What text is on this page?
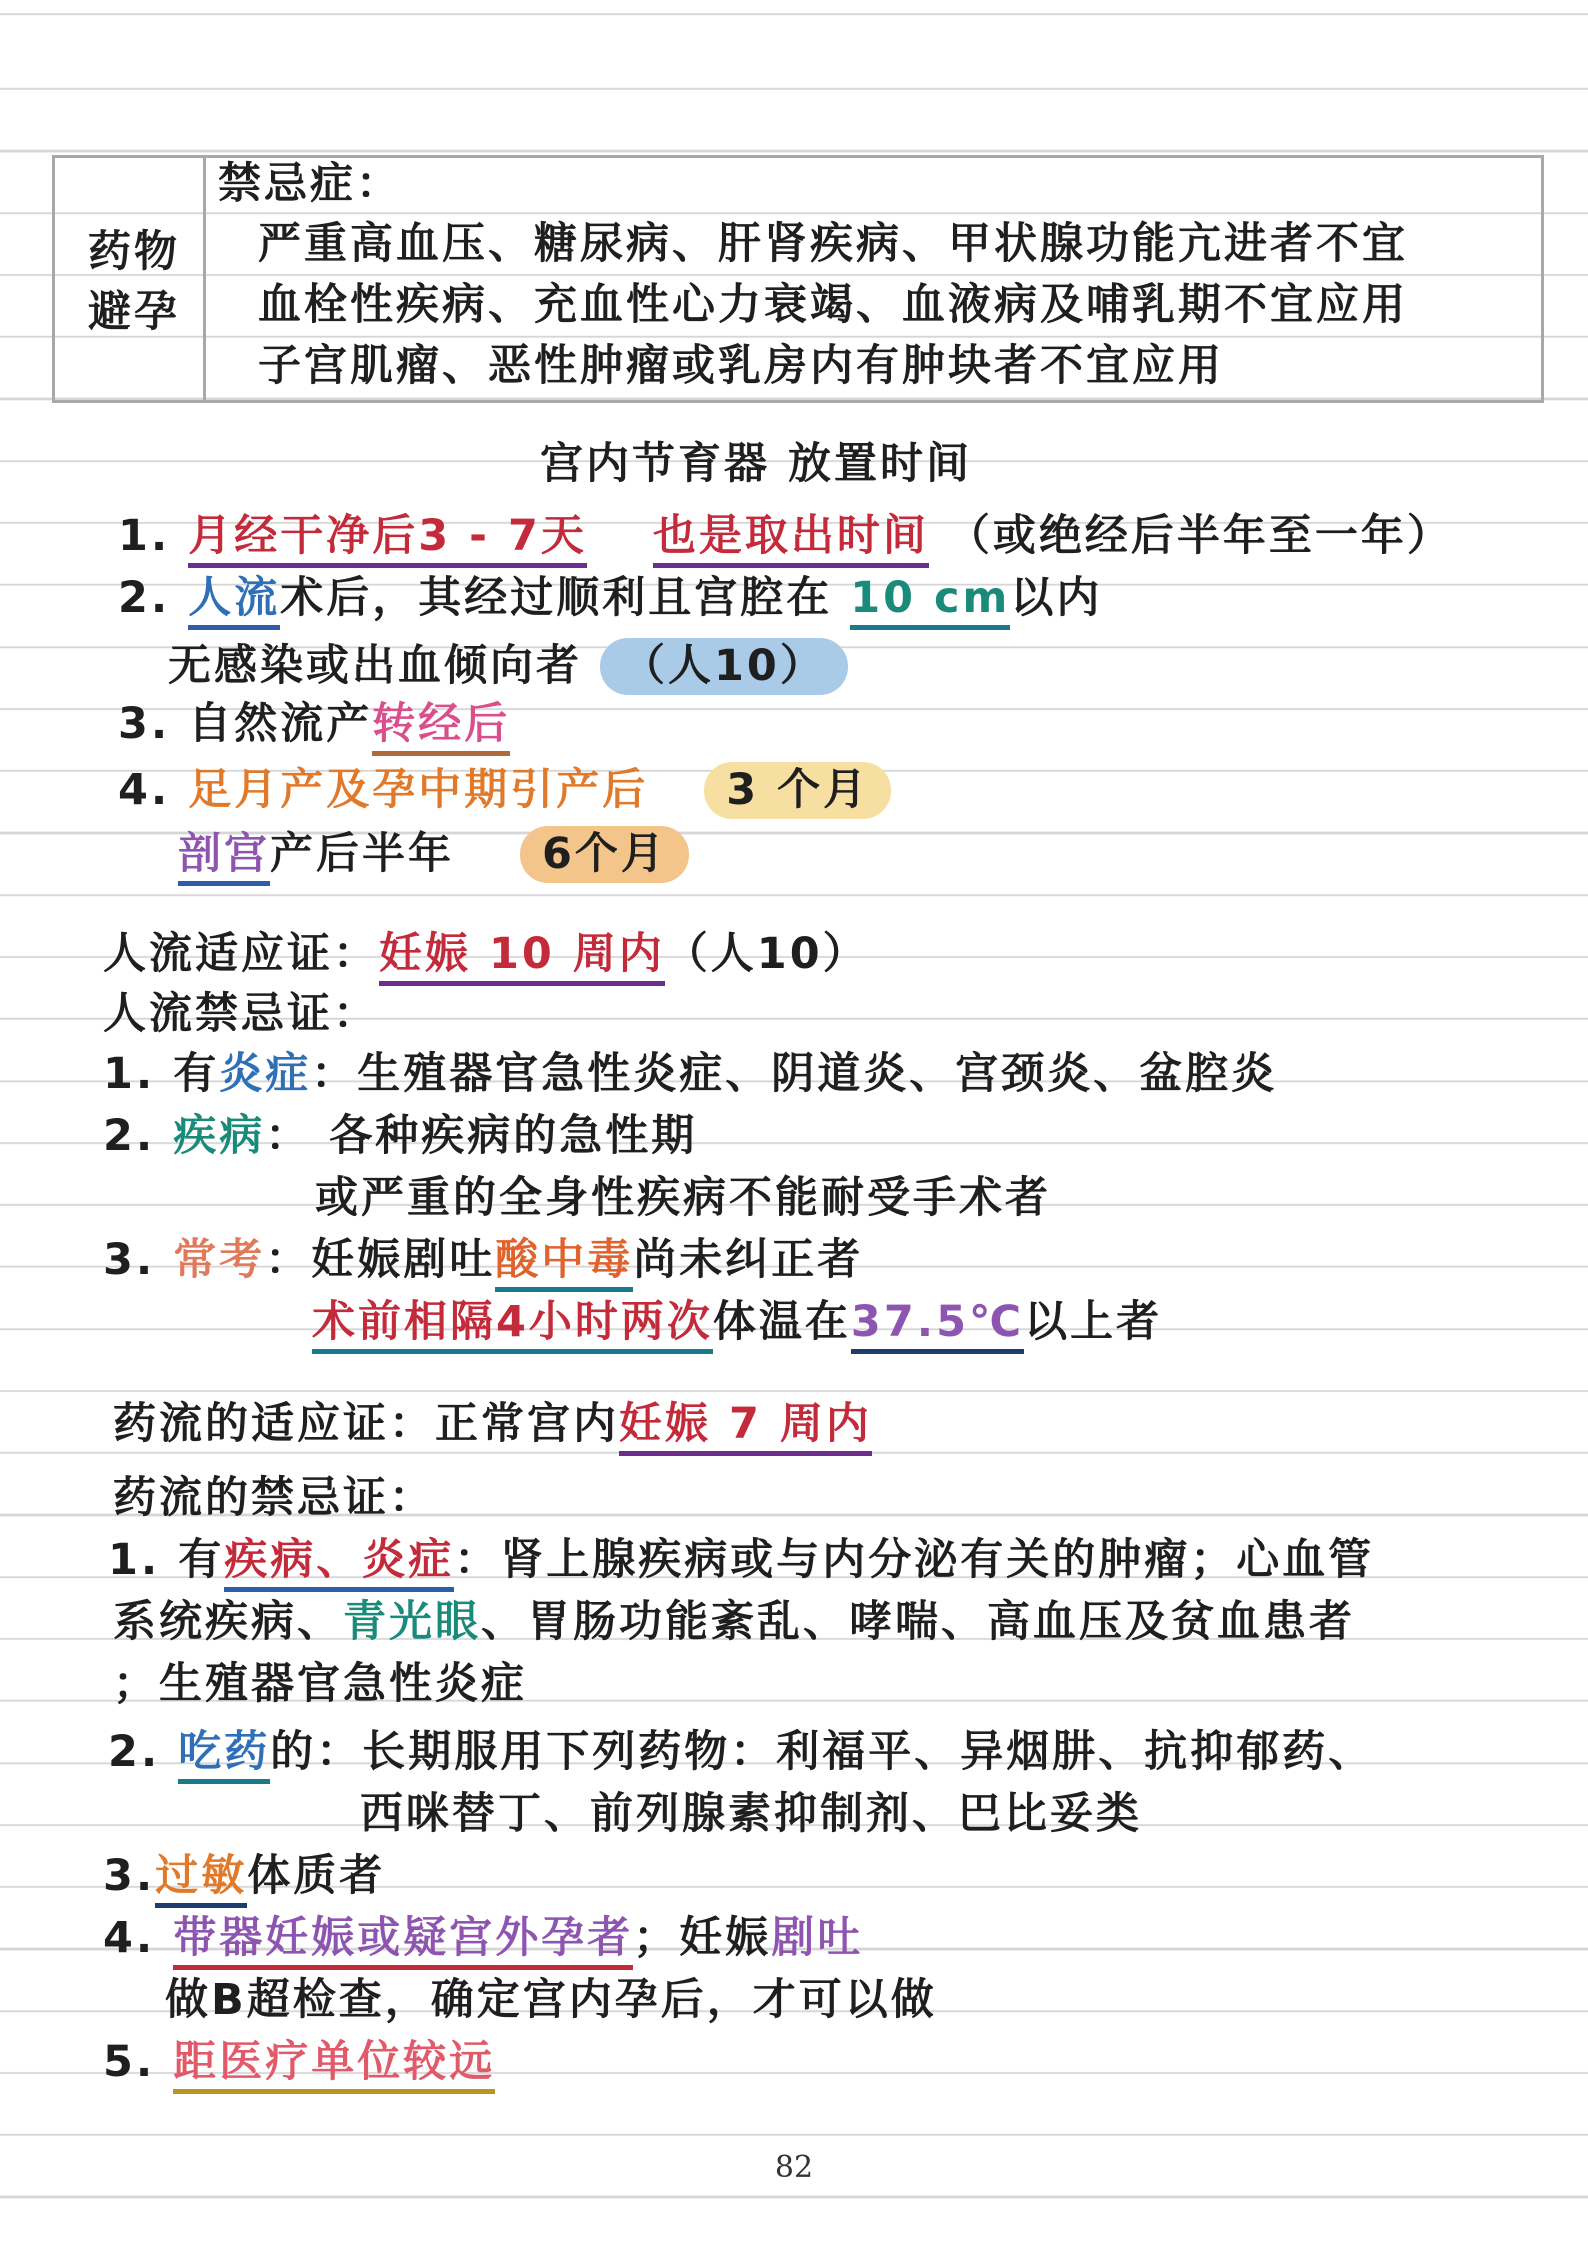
药物
避孕
禁忌症：
严重高血压、糖尿病、肝肾疾病、甲状腺功能亢进者不宜
血栓性疾病、充血性心力衰竭、血液病及哺乳期不宜应用
子宫肌瘤、恶性肿瘤或乳房内有肿块者不宜应用
宫内节育器 放置时间
1. 月经干净后3 - 7天 也是取出时间 （或绝经后半年至一年）
2. 人流术后，其经过顺利且宫腔在 10 cm以内
无感染或出血倾向者 （人10）
3. 自然流产转经后
4. 足月产及孕中期引产后 3 个月
剖宫产后半年 6个月
人流适应证：妊娠 10 周内（人10）
人流禁忌证：
1. 有炎症：生殖器官急性炎症、阴道炎、宫颈炎、盆腔炎
2. 疾病： 各种疾病的急性期
或严重的全身性疾病不能耐受手术者
3. 常考：妊娠剧吐酸中毒尚未纠正者
术前相隔4小时两次体温在37.5℃以上者
药流的适应证：正常宫内妊娠 7 周内
药流的禁忌证：
1. 有疾病、炎症：肾上腺疾病或与内分泌有关的肿瘤；心血管
系统疾病、青光眼、胃肠功能紊乱、哮喘、高血压及贫血患者
；生殖器官急性炎症
2. 吃药的：长期服用下列药物：利福平、异烟肼、抗抑郁药、
西咪替丁、前列腺素抑制剂、巴比妥类
3.过敏体质者
4. 带器妊娠或疑宫外孕者；妊娠剧吐
做B超检查，确定宫内孕后，才可以做
5. 距医疗单位较远
82
